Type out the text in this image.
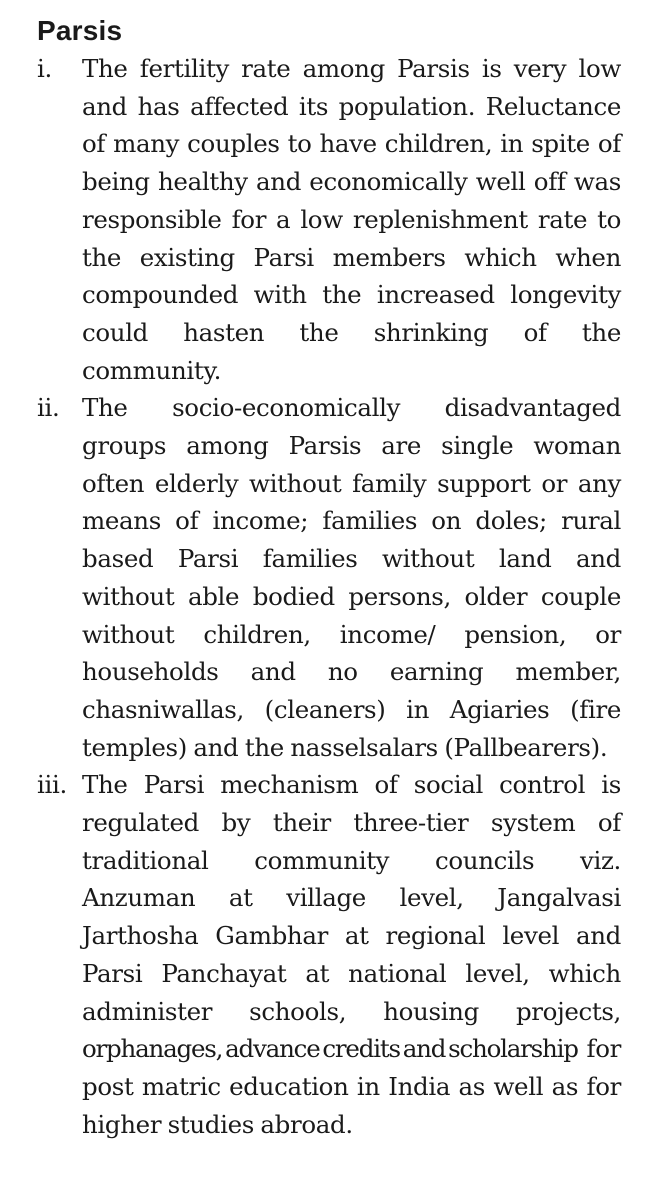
Parsis
i.	The fertility rate among Parsis is very low and has affected its population. Reluctance of many couples to have children, in spite of being healthy and economically well off was responsible for a low replenishment rate to the existing Parsi members which when compounded with the increased longevity could hasten the shrinking of the community.
ii. The socio-economically disadvantaged groups among Parsis are single woman often elderly without family support or any means of income; families on doles; rural based Parsi families without land and without able bodied persons, older couple without children, income/ pension, or households and no earning member, chasniwallas, (cleaners) in Agiaries (fire temples) and the nasselsalars (Pallbearers).
iii. The Parsi mechanism of social control is regulated by their three-tier system of traditional community councils viz. Anzuman at village level, Jangalvasi Jarthosha Gambhar at regional level and Parsi Panchayat at national level, which administer schools, housing projects, orphanages, advance credits and scholarship for post matric education in India as well as for higher studies abroad.
